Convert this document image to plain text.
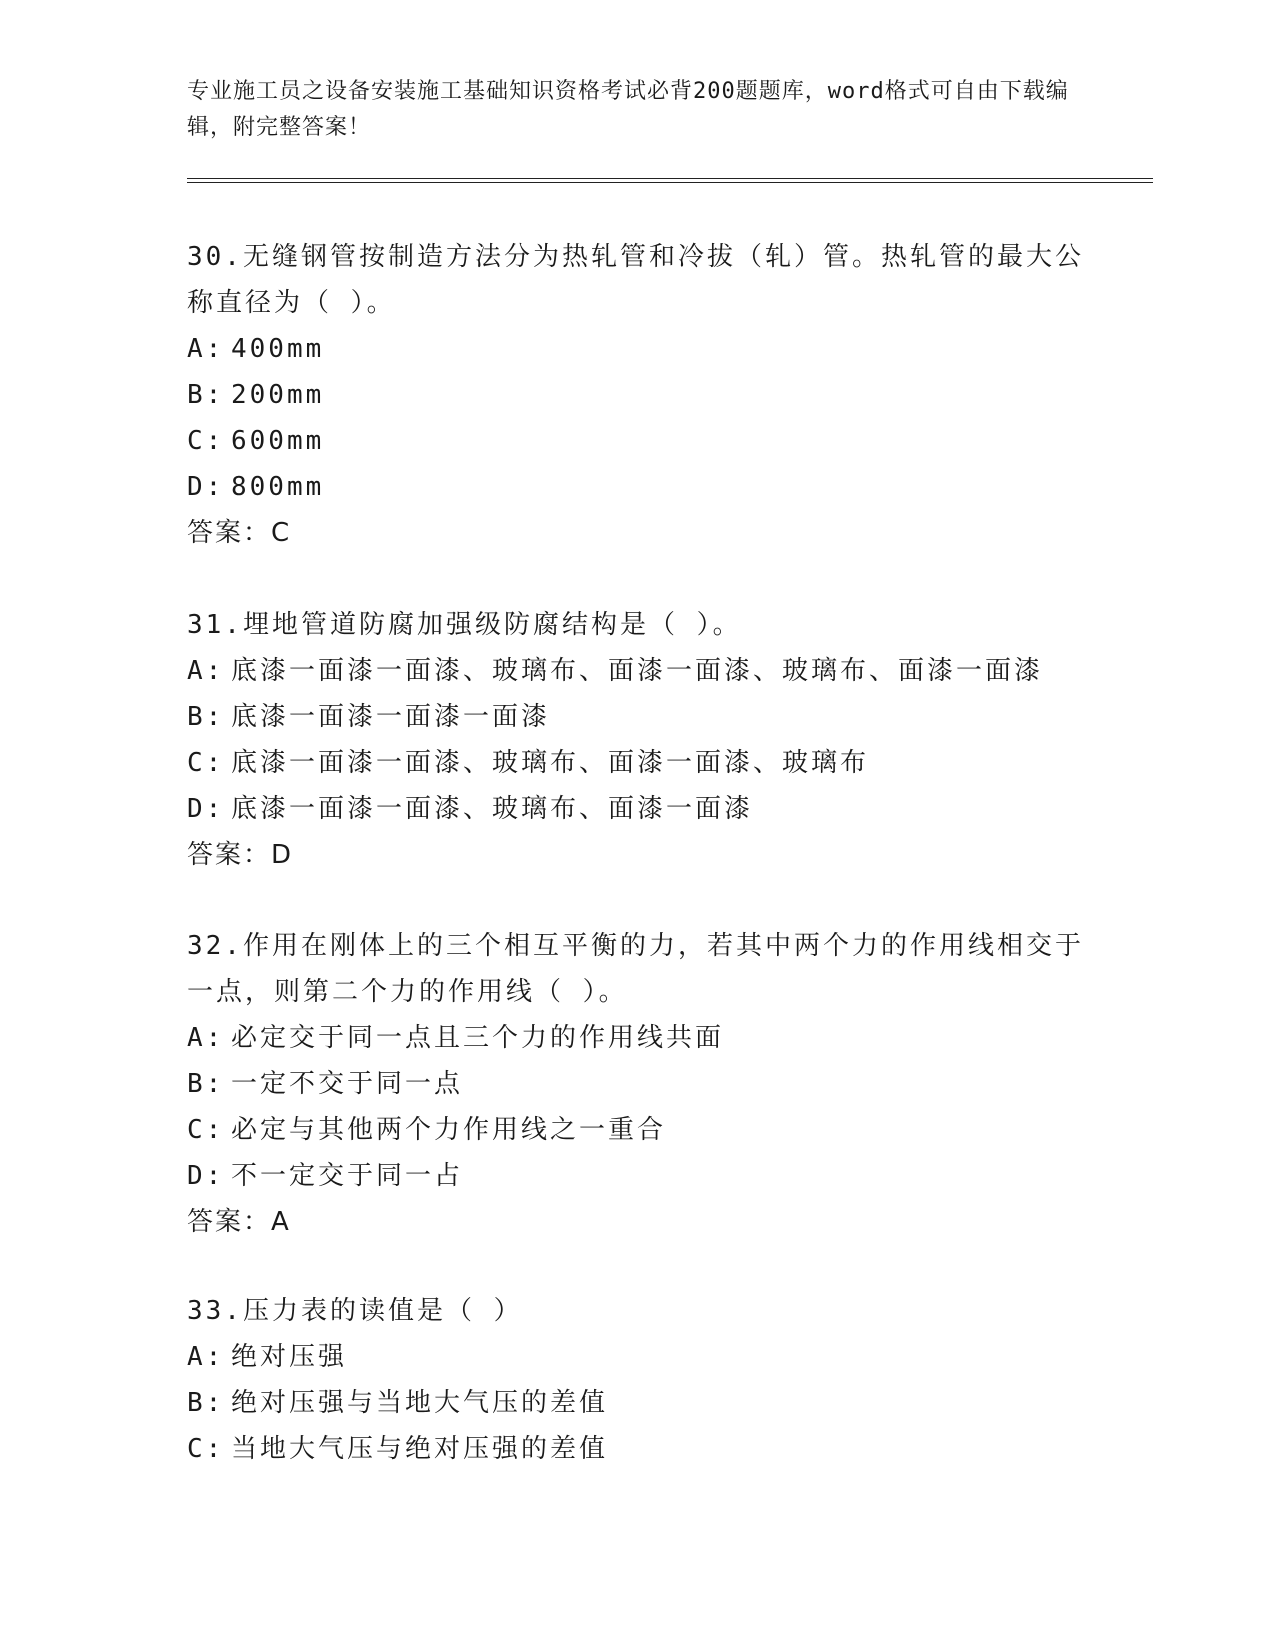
专业施工员之设备安装施工基础知识资格考试必背200题题库，word格式可自由下载编辑，附完整答案！

30.无缝钢管按制造方法分为热轧管和冷拔（轧）管。热轧管的最大公称直径为（ ）。

A: 400mm

B: 200mm

C: 600mm

D: 800mm

答案：C

31.埋地管道防腐加强级防腐结构是（ ）。

A: 底漆一面漆一面漆、玻璃布、面漆一面漆、玻璃布、面漆一面漆

B: 底漆一面漆一面漆一面漆

C: 底漆一面漆一面漆、玻璃布、面漆一面漆、玻璃布

D: 底漆一面漆一面漆、玻璃布、面漆一面漆

答案：D

32.作用在刚体上的三个相互平衡的力，若其中两个力的作用线相交于一点，则第二个力的作用线（ ）。

A: 必定交于同一点且三个力的作用线共面

B: 一定不交于同一点

C: 必定与其他两个力作用线之一重合

D: 不一定交于同一占

答案：A

33.压力表的读值是（ ）

A: 绝对压强

B: 绝对压强与当地大气压的差值

C: 当地大气压与绝对压强的差值
